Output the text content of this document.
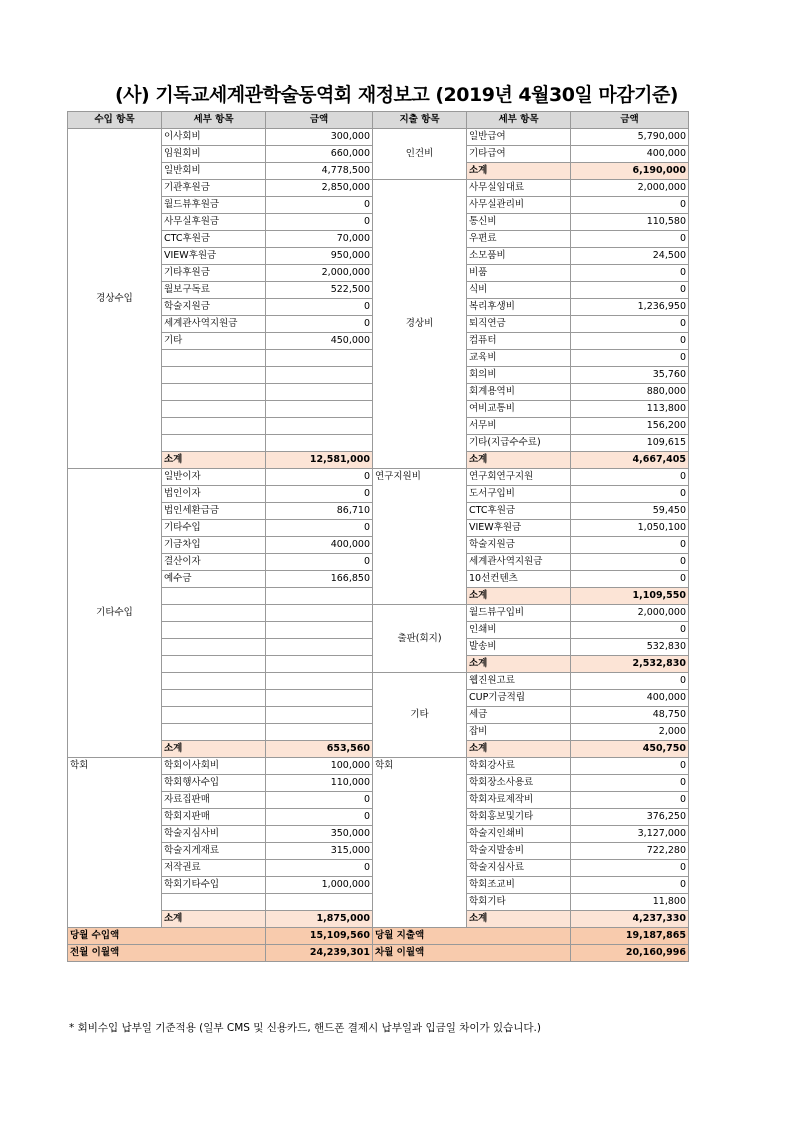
(사) 기독교세계관학술동역회 재정보고 (2019년 4월30일 마감기준)
수입 항목	세부 항목	금액	지출 항목	세부 항목	금액
경상수입	이사회비	300,000	인건비	일반급여	5,790,000
	임원회비	660,000		기타급여	400,000
	일반회비	4,778,500		소계	6,190,000
	기관후원금	2,850,000	경상비	사무실임대료	2,000,000
	월드뷰후원금	0		사무실관리비	0
	사무실후원금	0		통신비	110,580
	CTC후원금	70,000		우편료	0
	VIEW후원금	950,000		소모품비	24,500
	기타후원금	2,000,000		비품	0
	월보구독료	522,500		식비	0
	학술지원금	0		복리후생비	1,236,950
	세계관사역지원금	0		퇴직연금	0
	기타	450,000		컴퓨터	0
				교육비	0
				회의비	35,760
				회계용역비	880,000
				여비교통비	113,800
				서무비	156,200
				기타(지급수수료)	109,615
	소계	12,581,000		소계	4,667,405
기타수입	일반이자	0	연구지원비	연구회연구지원	0
	법인이자	0		도서구입비	0
	법인세환급금	86,710		CTC후원금	59,450
	기타수입	0		VIEW후원금	1,050,100
	기금차입	400,000		학술지원금	0
	결산이자	0		세계관사역지원금	0
	예수금	166,850		10선컨텐츠	0
				소계	1,109,550
			출판(회지)	월드뷰구입비	2,000,000
				인쇄비	0
				발송비	532,830
				소계	2,532,830
			기타	웹진원고료	0
				CUP기금적립	400,000
				세금	48,750
				잡비	2,000
	소계	653,560		소계	450,750
학회	학회이사회비	100,000	학회	학회강사료	0
	학회행사수입	110,000		학회장소사용료	0
	자료집판매	0		학회자료제작비	0
	학회지판매	0		학회홍보및기타	376,250
	학술지심사비	350,000		학술지인쇄비	3,127,000
	학술지게재료	315,000		학술지발송비	722,280
	저작권료	0		학술지심사료	0
	학회기타수입	1,000,000		학회조교비	0
				학회기타	11,800
	소계	1,875,000		소계	4,237,330
당월 수입액		15,109,560	당월 지출액		19,187,865
전월 이월액		24,239,301	차월 이월액		20,160,996
* 회비수입 납부일 기준적용 (일부 CMS 및 신용카드, 핸드폰 결제시 납부일과 입금일 차이가 있습니다.)
